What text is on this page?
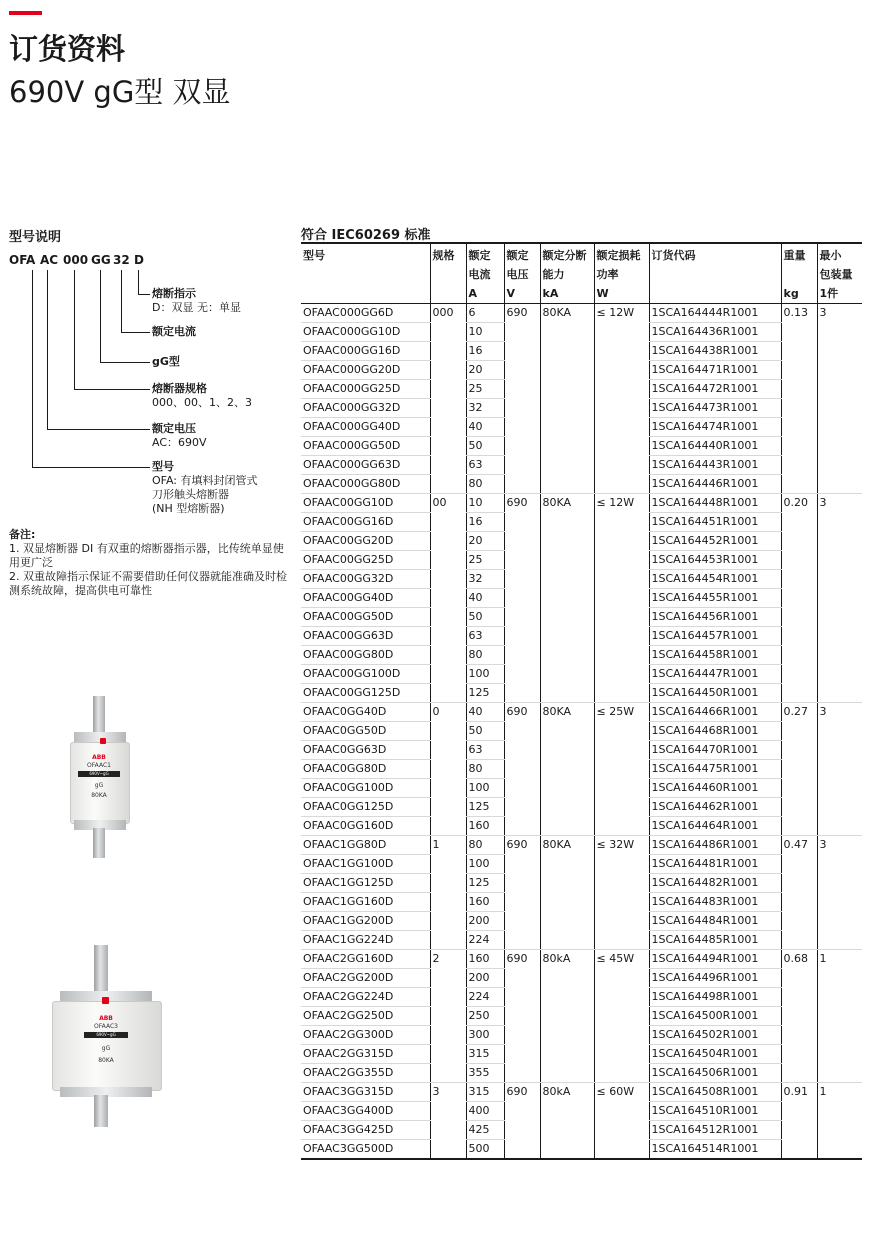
订货资料
690V gG型 双显
型号说明
OFA AC 000 GG 32 D
熔断指示
D：双显 无：单显
额定电流
gG型
熔断器规格
000、00、1、2、3
额定电压
AC：690V
型号
OFA: 有填料封闭管式
刀形触头熔断器
(NH 型熔断器)
备注:
1. 双显熔断器 DI 有双重的熔断器指示器，比传统单显使用更广泛
2. 双重故障指示保证不需要借助任何仪器就能准确及时检测系统故障，提高供电可靠性
ABB
OFAAC1
690V~gG
gG
80KA
ABB
OFAAC3
690V~gG
gG
80KA
符合 IEC60269 标准
型号	规格	额定
电流
A	额定
电压
V	额定分断
能力
kA	额定损耗
功率
W	订货代码	重量
kg	最小
包装量
1件

OFAAC000GG6D	000	6	690	80KA	≤ 12W	1SCA164444R1001	0.13	3
OFAAC000GG10D		10				1SCA164436R1001		
OFAAC000GG16D		16				1SCA164438R1001		
OFAAC000GG20D		20				1SCA164471R1001		
OFAAC000GG25D		25				1SCA164472R1001		
OFAAC000GG32D		32				1SCA164473R1001		
OFAAC000GG40D		40				1SCA164474R1001		
OFAAC000GG50D		50				1SCA164440R1001		
OFAAC000GG63D		63				1SCA164443R1001		
OFAAC000GG80D		80				1SCA164446R1001		
OFAAC00GG10D	00	10	690	80KA	≤ 12W	1SCA164448R1001	0.20	3
OFAAC00GG16D		16				1SCA164451R1001		
OFAAC00GG20D		20				1SCA164452R1001		
OFAAC00GG25D		25				1SCA164453R1001		
OFAAC00GG32D		32				1SCA164454R1001		
OFAAC00GG40D		40				1SCA164455R1001		
OFAAC00GG50D		50				1SCA164456R1001		
OFAAC00GG63D		63				1SCA164457R1001		
OFAAC00GG80D		80				1SCA164458R1001		
OFAAC00GG100D		100				1SCA164447R1001		
OFAAC00GG125D		125				1SCA164450R1001		
OFAAC0GG40D	0	40	690	80KA	≤ 25W	1SCA164466R1001	0.27	3
OFAAC0GG50D		50				1SCA164468R1001		
OFAAC0GG63D		63				1SCA164470R1001		
OFAAC0GG80D		80				1SCA164475R1001		
OFAAC0GG100D		100				1SCA164460R1001		
OFAAC0GG125D		125				1SCA164462R1001		
OFAAC0GG160D		160				1SCA164464R1001		
OFAAC1GG80D	1	80	690	80KA	≤ 32W	1SCA164486R1001	0.47	3
OFAAC1GG100D		100				1SCA164481R1001		
OFAAC1GG125D		125				1SCA164482R1001		
OFAAC1GG160D		160				1SCA164483R1001		
OFAAC1GG200D		200				1SCA164484R1001		
OFAAC1GG224D		224				1SCA164485R1001		
OFAAC2GG160D	2	160	690	80kA	≤ 45W	1SCA164494R1001	0.68	1
OFAAC2GG200D		200				1SCA164496R1001		
OFAAC2GG224D		224				1SCA164498R1001		
OFAAC2GG250D		250				1SCA164500R1001		
OFAAC2GG300D		300				1SCA164502R1001		
OFAAC2GG315D		315				1SCA164504R1001		
OFAAC2GG355D		355				1SCA164506R1001		
OFAAC3GG315D	3	315	690	80kA	≤ 60W	1SCA164508R1001	0.91	1
OFAAC3GG400D		400				1SCA164510R1001		
OFAAC3GG425D		425				1SCA164512R1001		
OFAAC3GG500D		500				1SCA164514R1001		
